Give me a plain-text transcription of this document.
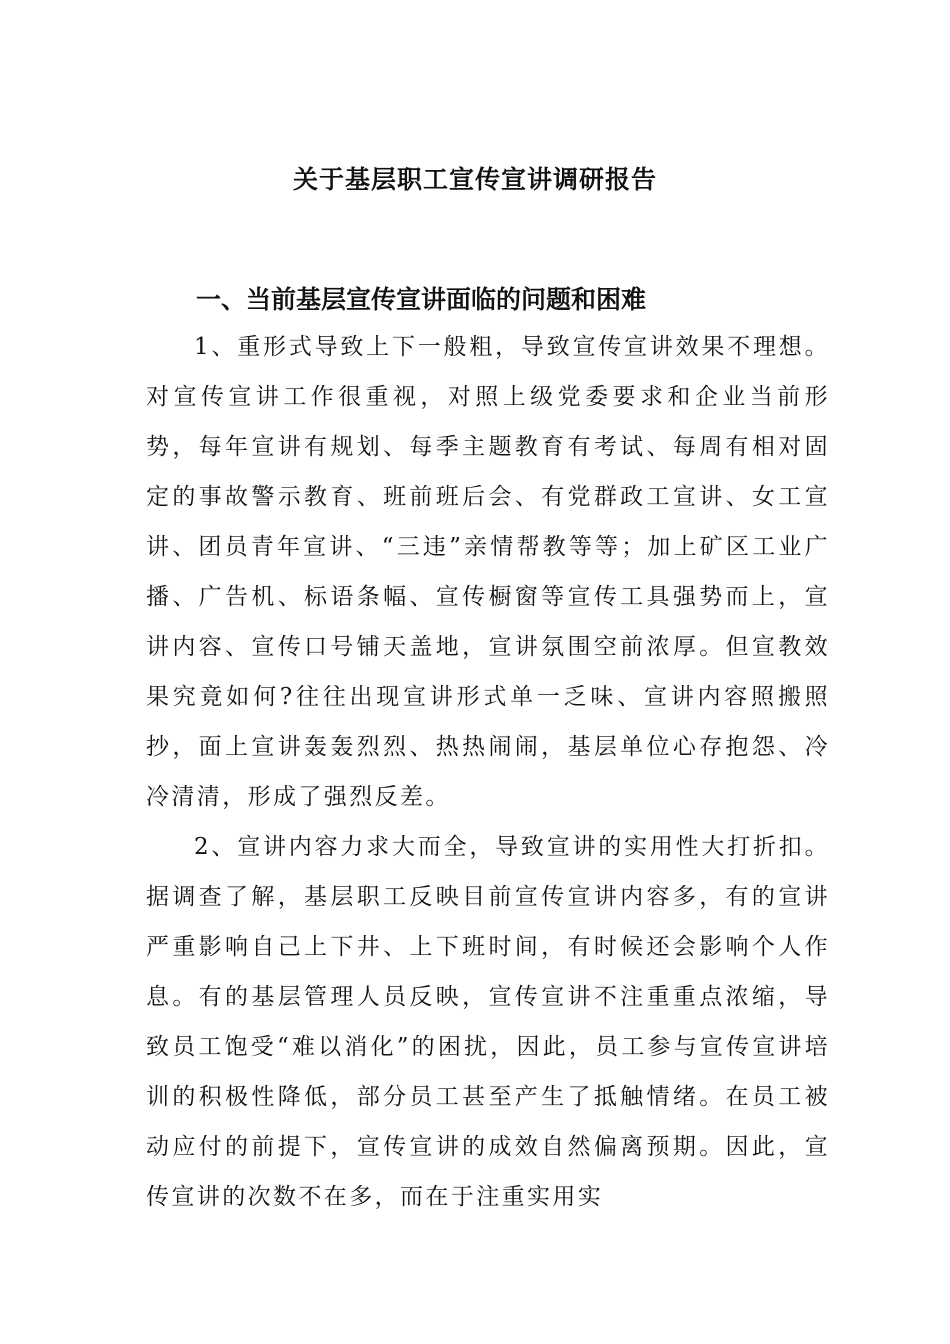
关于基层职工宣传宣讲调研报告
一、当前基层宣传宣讲面临的问题和困难

1、重形式导致上下一般粗，导致宣传宣讲效果不理想。对宣传宣讲工作很重视，对照上级党委要求和企业当前形势，每年宣讲有规划、每季主题教育有考试、每周有相对固定的事故警示教育、班前班后会、有党群政工宣讲、女工宣讲、团员青年宣讲、“三违”亲情帮教等等；加上矿区工业广播、广告机、标语条幅、宣传橱窗等宣传工具强势而上，宣讲内容、宣传口号铺天盖地，宣讲氛围空前浓厚。但宣教效果究竟如何?往往出现宣讲形式单一乏味、宣讲内容照搬照抄，面上宣讲轰轰烈烈、热热闹闹，基层单位心存抱怨、冷冷清清，形成了强烈反差。

2、宣讲内容力求大而全，导致宣讲的实用性大打折扣。据调查了解，基层职工反映目前宣传宣讲内容多，有的宣讲严重影响自己上下井、上下班时间，有时候还会影响个人作息。有的基层管理人员反映，宣传宣讲不注重重点浓缩，导致员工饱受“难以消化”的困扰，因此，员工参与宣传宣讲培训的积极性降低，部分员工甚至产生了抵触情绪。在员工被动应付的前提下，宣传宣讲的成效自然偏离预期。因此，宣传宣讲的次数不在多，而在于注重实用实
